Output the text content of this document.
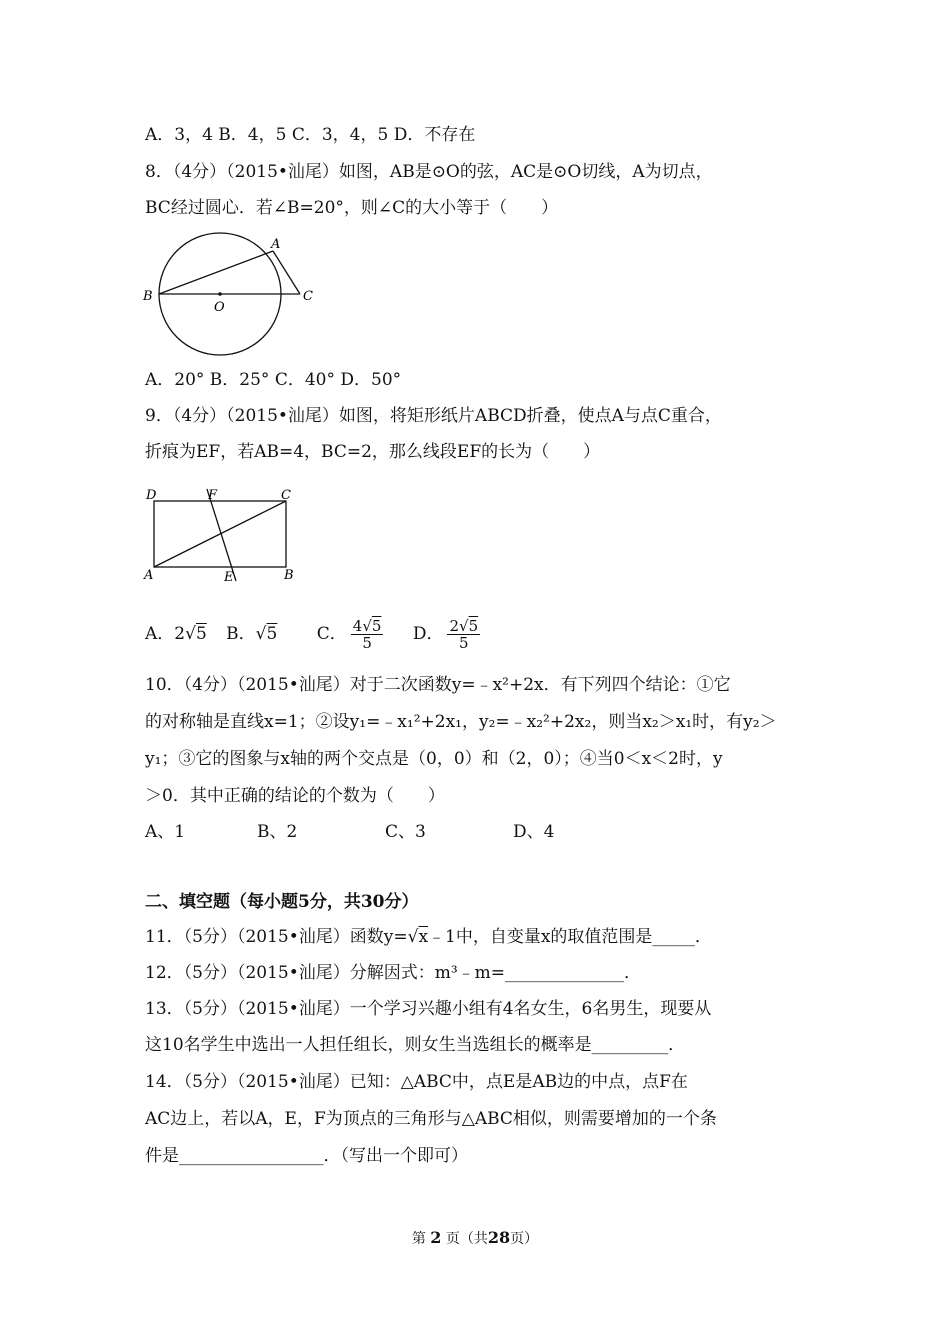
A．3，4 B．4，5 C．3，4，5 D．不存在
8．（4分）（2015•汕尾）如图，AB是⊙O的弦，AC是⊙O切线，A为切点，
BC经过圆心．若∠B=20°，则∠C的大小等于（　　）
A
B
O
C
A．20° B．25° C．40° D．50°
9．（4分）（2015•汕尾）如图，将矩形纸片ABCD折叠，使点A与点C重合，
折痕为EF，若AB=4，BC=2，那么线段EF的长为（　　）
D	F	C
A	E	B
A．2√5 B．√5 C． $\frac{4√5}{5}$ D． $\frac{2√5}{5}$
10．（4分）（2015•汕尾）对于二次函数y=﹣x²+2x．有下列四个结论：①它
的对称轴是直线x=1；②设y₁=﹣x₁²+2x₁，y₂=﹣x₂²+2x₂，则当x₂＞x₁时，有y₂＞
y₁；③它的图象与x轴的两个交点是（0，0）和（2，0）；④当0＜x＜2时，y
＞0．其中正确的结论的个数为（　　）
A、1	B、2	C、3	D、4
二、填空题（每小题5分，共30分）
11．（5分）（2015•汕尾）函数y=√x﹣1中，自变量x的取值范围是_____．
12．（5分）（2015•汕尾）分解因式：m³﹣m=______________．
13．（5分）（2015•汕尾）一个学习兴趣小组有4名女生，6名男生，现要从
这10名学生中选出一人担任组长，则女生当选组长的概率是_________．
14．（5分）（2015•汕尾）已知：△ABC中，点E是AB边的中点，点F在
AC边上，若以A，E，F为顶点的三角形与△ABC相似，则需要增加的一个条
件是_________________．（写出一个即可）
第 2 页（共28页）
